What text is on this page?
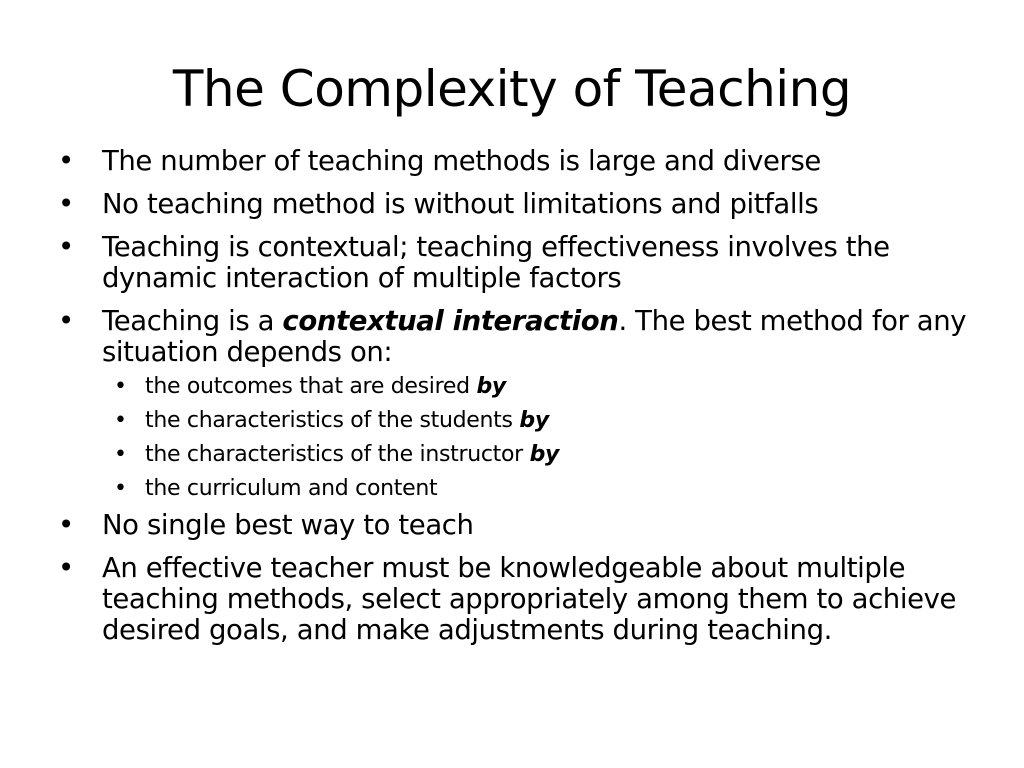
The Complexity of Teaching
• The number of teaching methods is large and diverse
• No teaching method is without limitations and pitfalls
• Teaching is contextual; teaching effectiveness involves the dynamic interaction of multiple factors
• Teaching is a contextual interaction. The best method for any situation depends on:
• the outcomes that are desired by
• the characteristics of the students by
• the characteristics of the instructor by
• the curriculum and content
• No single best way to teach
• An effective teacher must be knowledgeable about multiple teaching methods, select appropriately among them to achieve desired goals, and make adjustments during teaching.
